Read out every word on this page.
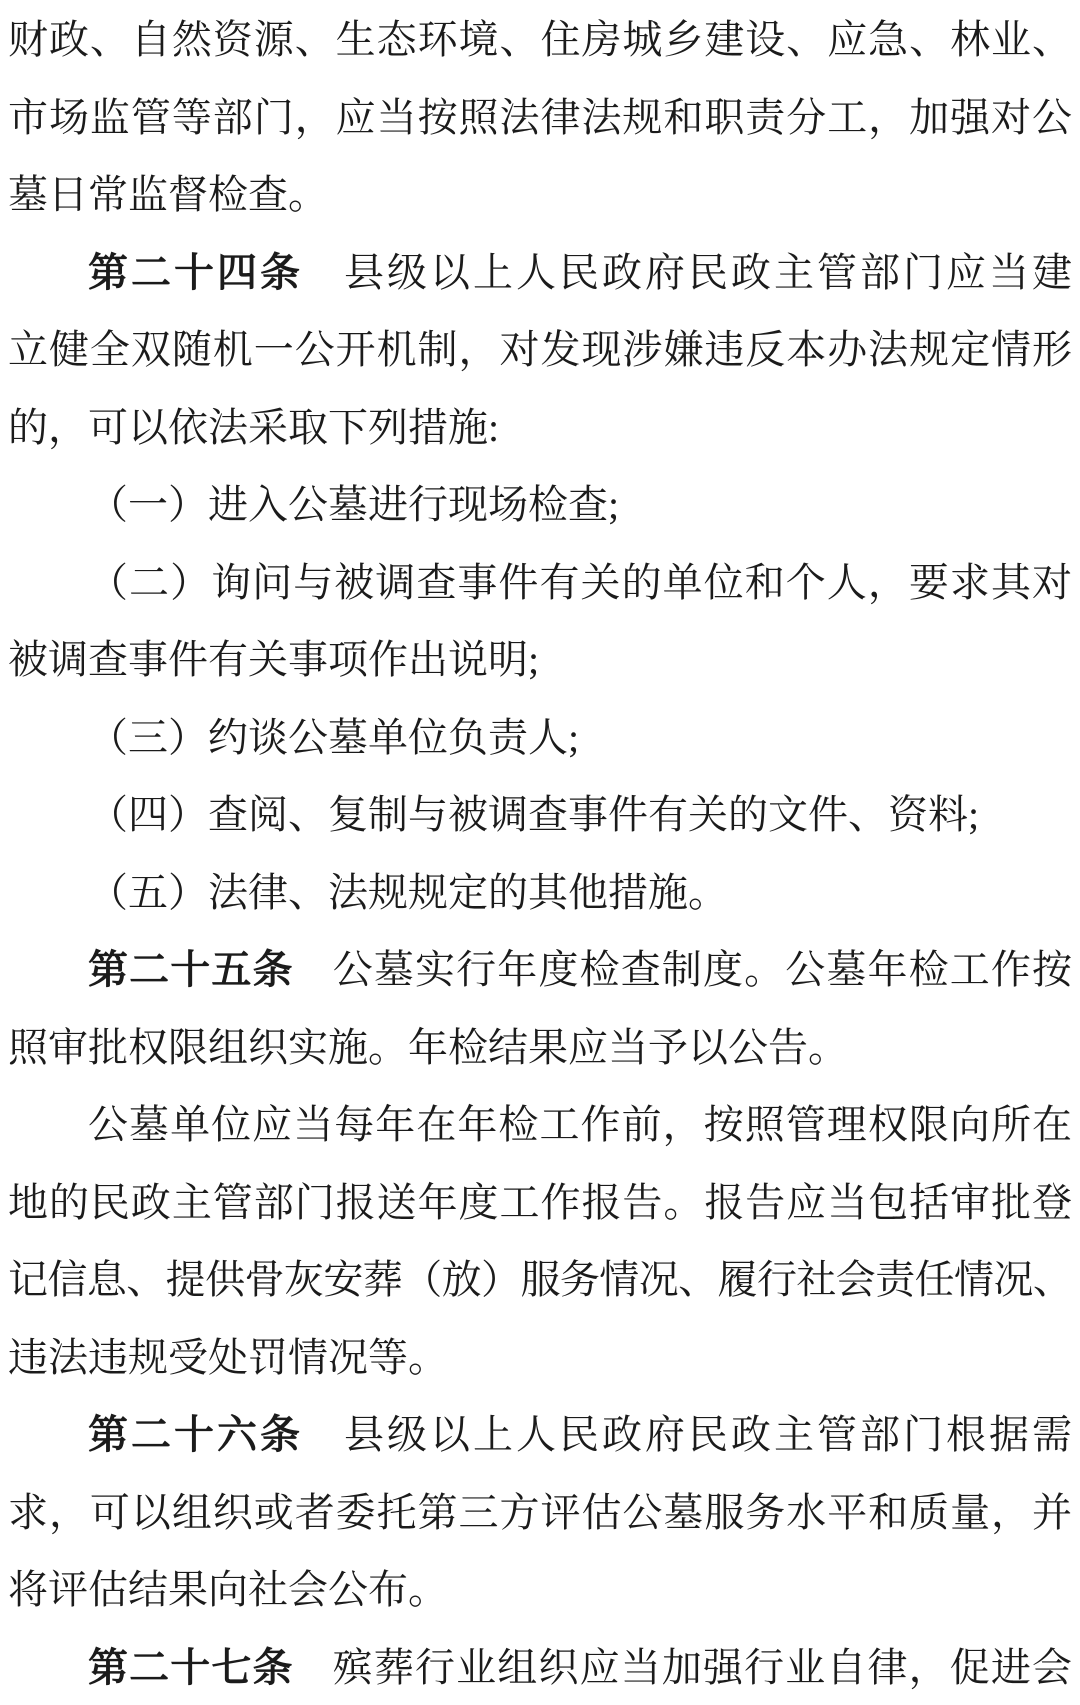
财政、自然资源、生态环境、住房城乡建设、应急、林业、
市场监管等部门，应当按照法律法规和职责分工，加强对公
墓日常监督检查。
第二十四条 县级以上人民政府民政主管部门应当建
立健全双随机一公开机制，对发现涉嫌违反本办法规定情形
的，可以依法采取下列措施:
（一）进入公墓进行现场检查;
（二）询问与被调查事件有关的单位和个人，要求其对
被调查事件有关事项作出说明;
（三）约谈公墓单位负责人;
（四）查阅、复制与被调查事件有关的文件、资料;
（五）法律、法规规定的其他措施。
第二十五条 公墓实行年度检查制度。公墓年检工作按
照审批权限组织实施。年检结果应当予以公告。
公墓单位应当每年在年检工作前，按照管理权限向所在
地的民政主管部门报送年度工作报告。报告应当包括审批登
记信息、提供骨灰安葬（放）服务情况、履行社会责任情况、
违法违规受处罚情况等。
第二十六条 县级以上人民政府民政主管部门根据需
求，可以组织或者委托第三方评估公墓服务水平和质量，并
将评估结果向社会公布。
第二十七条 殡葬行业组织应当加强行业自律，促进会
